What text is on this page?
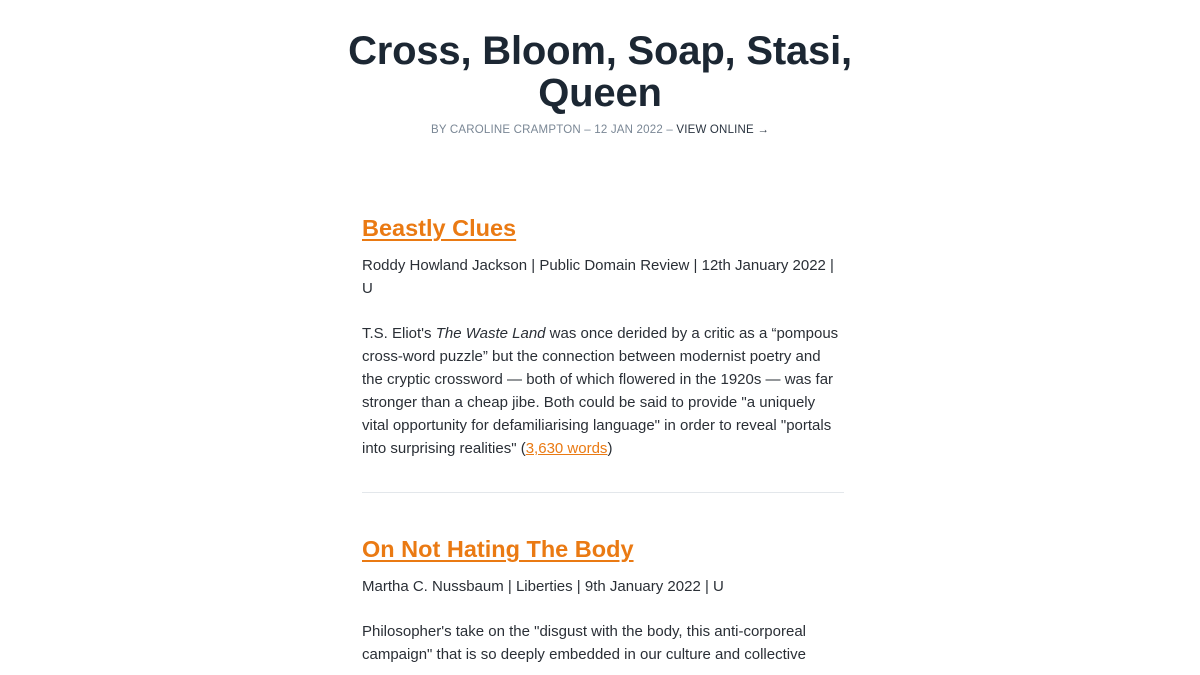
Cross, Bloom, Soap, Stasi, Queen
BY CAROLINE CRAMPTON – 12 JAN 2022 – VIEW ONLINE →
Beastly Clues
Roddy Howland Jackson | Public Domain Review | 12th January 2022 | U
T.S. Eliot's The Waste Land was once derided by a critic as a “pompous cross-word puzzle” but the connection between modernist poetry and the cryptic crossword — both of which flowered in the 1920s — was far stronger than a cheap jibe. Both could be said to provide "a uniquely vital opportunity for defamiliarising language" in order to reveal "portals into surprising realities" (3,630 words)
On Not Hating The Body
Martha C. Nussbaum | Liberties | 9th January 2022 | U
Philosopher's take on the "disgust with the body, this anti-corporeal campaign" that is so deeply embedded in our culture and collective
